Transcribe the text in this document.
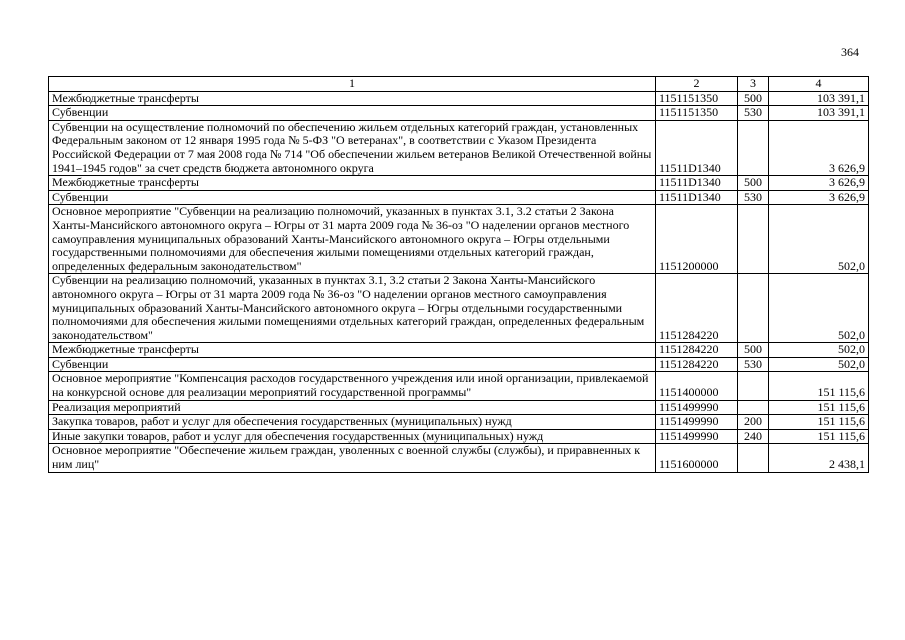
364
1	2	3	4
Межбюджетные трансферты	1151151350	500	103 391,1
Субвенции	1151151350	530	103 391,1
Субвенции на осуществление полномочий по обеспечению жильем отдельных категорий граждан, установленных Федеральным законом от 12 января 1995 года № 5-ФЗ "О ветеранах", в соответствии с Указом Президента Российской Федерации от 7 мая 2008 года № 714 "Об обеспечении жильем ветеранов Великой Отечественной войны 1941–1945 годов" за счет средств бюджета автономного округа	11511D1340		3 626,9
Межбюджетные трансферты	11511D1340	500	3 626,9
Субвенции	11511D1340	530	3 626,9
Основное мероприятие "Субвенции на реализацию полномочий, указанных в пунктах 3.1, 3.2 статьи 2 Закона Ханты-Мансийского автономного округа – Югры от 31 марта 2009 года № 36-оз "О наделении органов местного самоуправления муниципальных образований Ханты-Мансийского автономного округа – Югры отдельными государственными полномочиями для обеспечения жилыми помещениями отдельных категорий граждан, определенных федеральным законодательством"	1151200000		502,0
Субвенции на реализацию полномочий, указанных в пунктах 3.1, 3.2 статьи 2 Закона Ханты-Мансийского автономного округа – Югры от 31 марта 2009 года № 36-оз "О наделении органов местного самоуправления муниципальных образований Ханты-Мансийского автономного округа – Югры отдельными государственными полномочиями для обеспечения жилыми помещениями отдельных категорий граждан, определенных федеральным законодательством"	1151284220		502,0
Межбюджетные трансферты	1151284220	500	502,0
Субвенции	1151284220	530	502,0
Основное мероприятие "Компенсация расходов государственного учреждения или иной организации, привлекаемой на конкурсной основе для реализации мероприятий государственной программы"	1151400000		151 115,6
Реализация мероприятий	1151499990		151 115,6
Закупка товаров, работ и услуг для обеспечения государственных (муниципальных) нужд	1151499990	200	151 115,6
Иные закупки товаров, работ и услуг для обеспечения государственных (муниципальных) нужд	1151499990	240	151 115,6
Основное мероприятие "Обеспечение жильем граждан, уволенных с военной службы (службы), и приравненных к ним лиц"	1151600000		2 438,1
